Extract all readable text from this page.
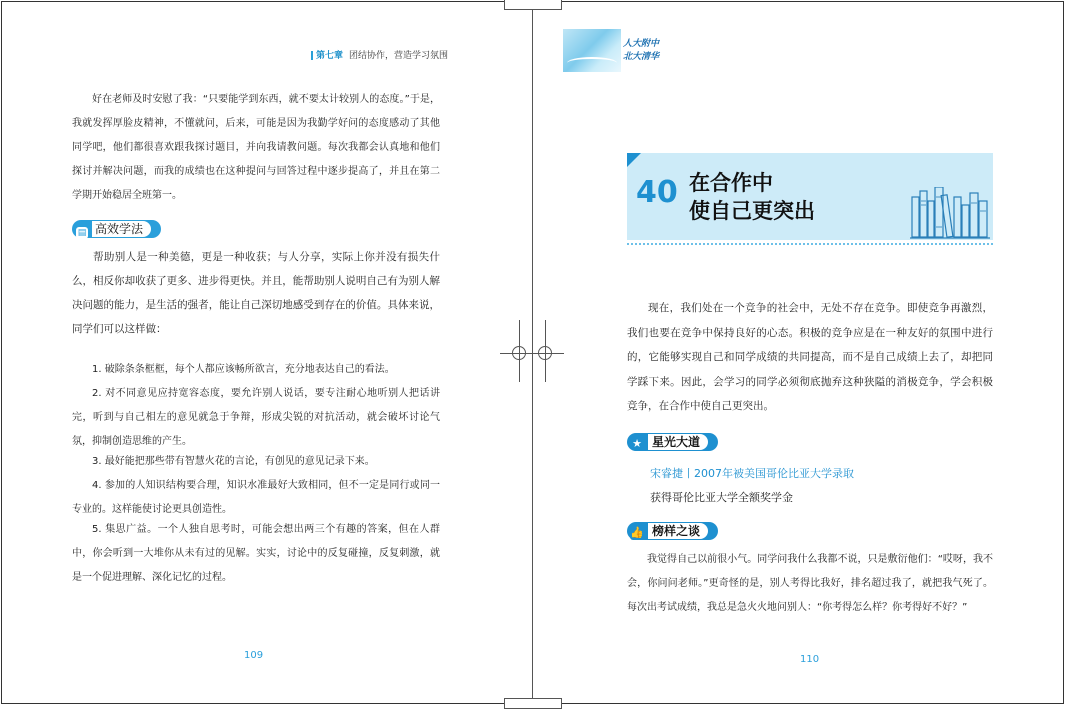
第七章 团结协作，营造学习氛围
好在老师及时安慰了我：“只要能学到东西，就不要太计较别人的态度。”于是，我就发挥厚脸皮精神，不懂就问，后来，可能是因为我勤学好问的态度感动了其他同学吧，他们都很喜欢跟我探讨题目，并向我请教问题。每次我都会认真地和他们探讨并解决问题，而我的成绩也在这种提问与回答过程中逐步提高了，并且在第二学期开始稳居全班第一。
▤ 高效学法
帮助别人是一种美德，更是一种收获；与人分享，实际上你并没有损失什么，相反你却收获了更多、进步得更快。并且，能帮助别人说明自己有为别人解决问题的能力，是生活的强者，能让自己深切地感受到存在的价值。具体来说，同学们可以这样做：
1. 破除条条框框，每个人都应该畅所欲言，充分地表达自己的看法。
2. 对不同意见应持宽容态度，要允许别人说话，要专注耐心地听别人把话讲完，听到与自己相左的意见就急于争辩，形成尖锐的对抗活动，就会破坏讨论气氛，抑制创造思维的产生。
3. 最好能把那些带有智慧火花的言论，有创见的意见记录下来。
4. 参加的人知识结构要合理，知识水准最好大致相同，但不一定是同行或同一专业的。这样能使讨论更具创造性。
5. 集思广益。一个人独自思考时，可能会想出两三个有趣的答案，但在人群中，你会听到一大堆你从未有过的见解。实实，讨论中的反复碰撞，反复刺激，就是一个促进理解、深化记忆的过程。
109
人大附中
北大清华
40 在合作中
使自己更突出
现在，我们处在一个竞争的社会中，无处不存在竞争。即使竞争再激烈，我们也要在竞争中保持良好的心态。积极的竞争应是在一种友好的氛围中进行的，它能够实现自己和同学成绩的共同提高，而不是自己成绩上去了，却把同学踩下来。因此，会学习的同学必须彻底抛弃这种狭隘的消极竞争，学会积极竞争，在合作中使自己更突出。
★ 星光大道
宋睿捷丨2007年被美国哥伦比亚大学录取
获得哥伦比亚大学全额奖学金
👍 榜样之谈
我觉得自己以前很小气。同学问我什么我都不说，只是敷衍他们：“哎呀，我不会，你问问老师。”更奇怪的是，别人考得比我好，排名超过我了，就把我气死了。每次出考试成绩，我总是急火火地问别人：“你考得怎么样？你考得好不好？”
110
